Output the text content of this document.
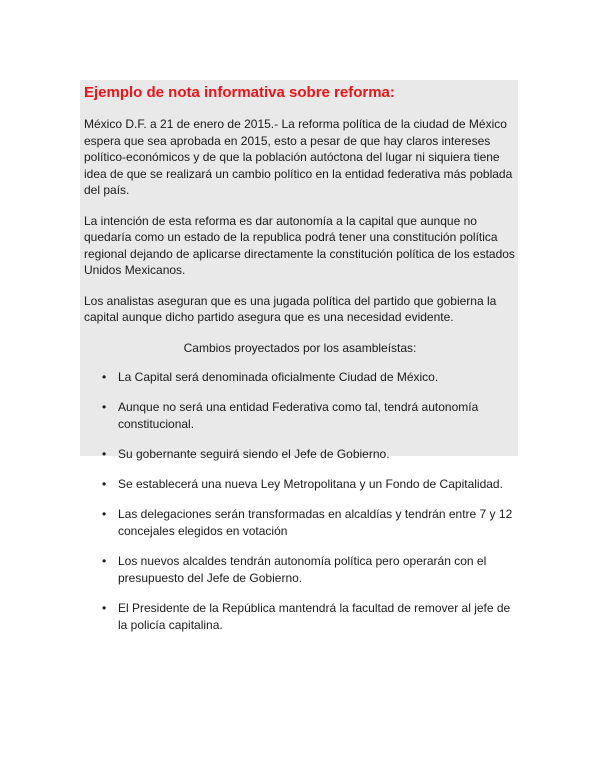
Ejemplo de nota informativa sobre reforma:

México D.F. a 21 de enero de 2015.- La reforma política de la ciudad de México espera que sea aprobada en 2015, esto a pesar de que hay claros intereses político-económicos y de que la población autóctona del lugar ni siquiera tiene idea de que se realizará un cambio político en la entidad federativa más poblada del país.

La intención de esta reforma es dar autonomía a la capital que aunque no quedaría como un estado de la republica podrá tener una constitución política regional dejando de aplicarse directamente la constitución política de los estados Unidos Mexicanos.

Los analistas aseguran que es una jugada política del partido que gobierna la capital aunque dicho partido asegura que es una necesidad evidente.

Cambios proyectados por los asambleístas:

• La Capital será denominada oficialmente Ciudad de México.
• Aunque no será una entidad Federativa como tal, tendrá autonomía constitucional.
• Su gobernante seguirá siendo el Jefe de Gobierno.
• Se establecerá una nueva Ley Metropolitana y un Fondo de Capitalidad.
• Las delegaciones serán transformadas en alcaldías y tendrán entre 7 y 12 concejales elegidos en votación
• Los nuevos alcaldes tendrán autonomía política pero operarán con el presupuesto del Jefe de Gobierno.
• El Presidente de la República mantendrá la facultad de remover al jefe de la policía capitalina.
